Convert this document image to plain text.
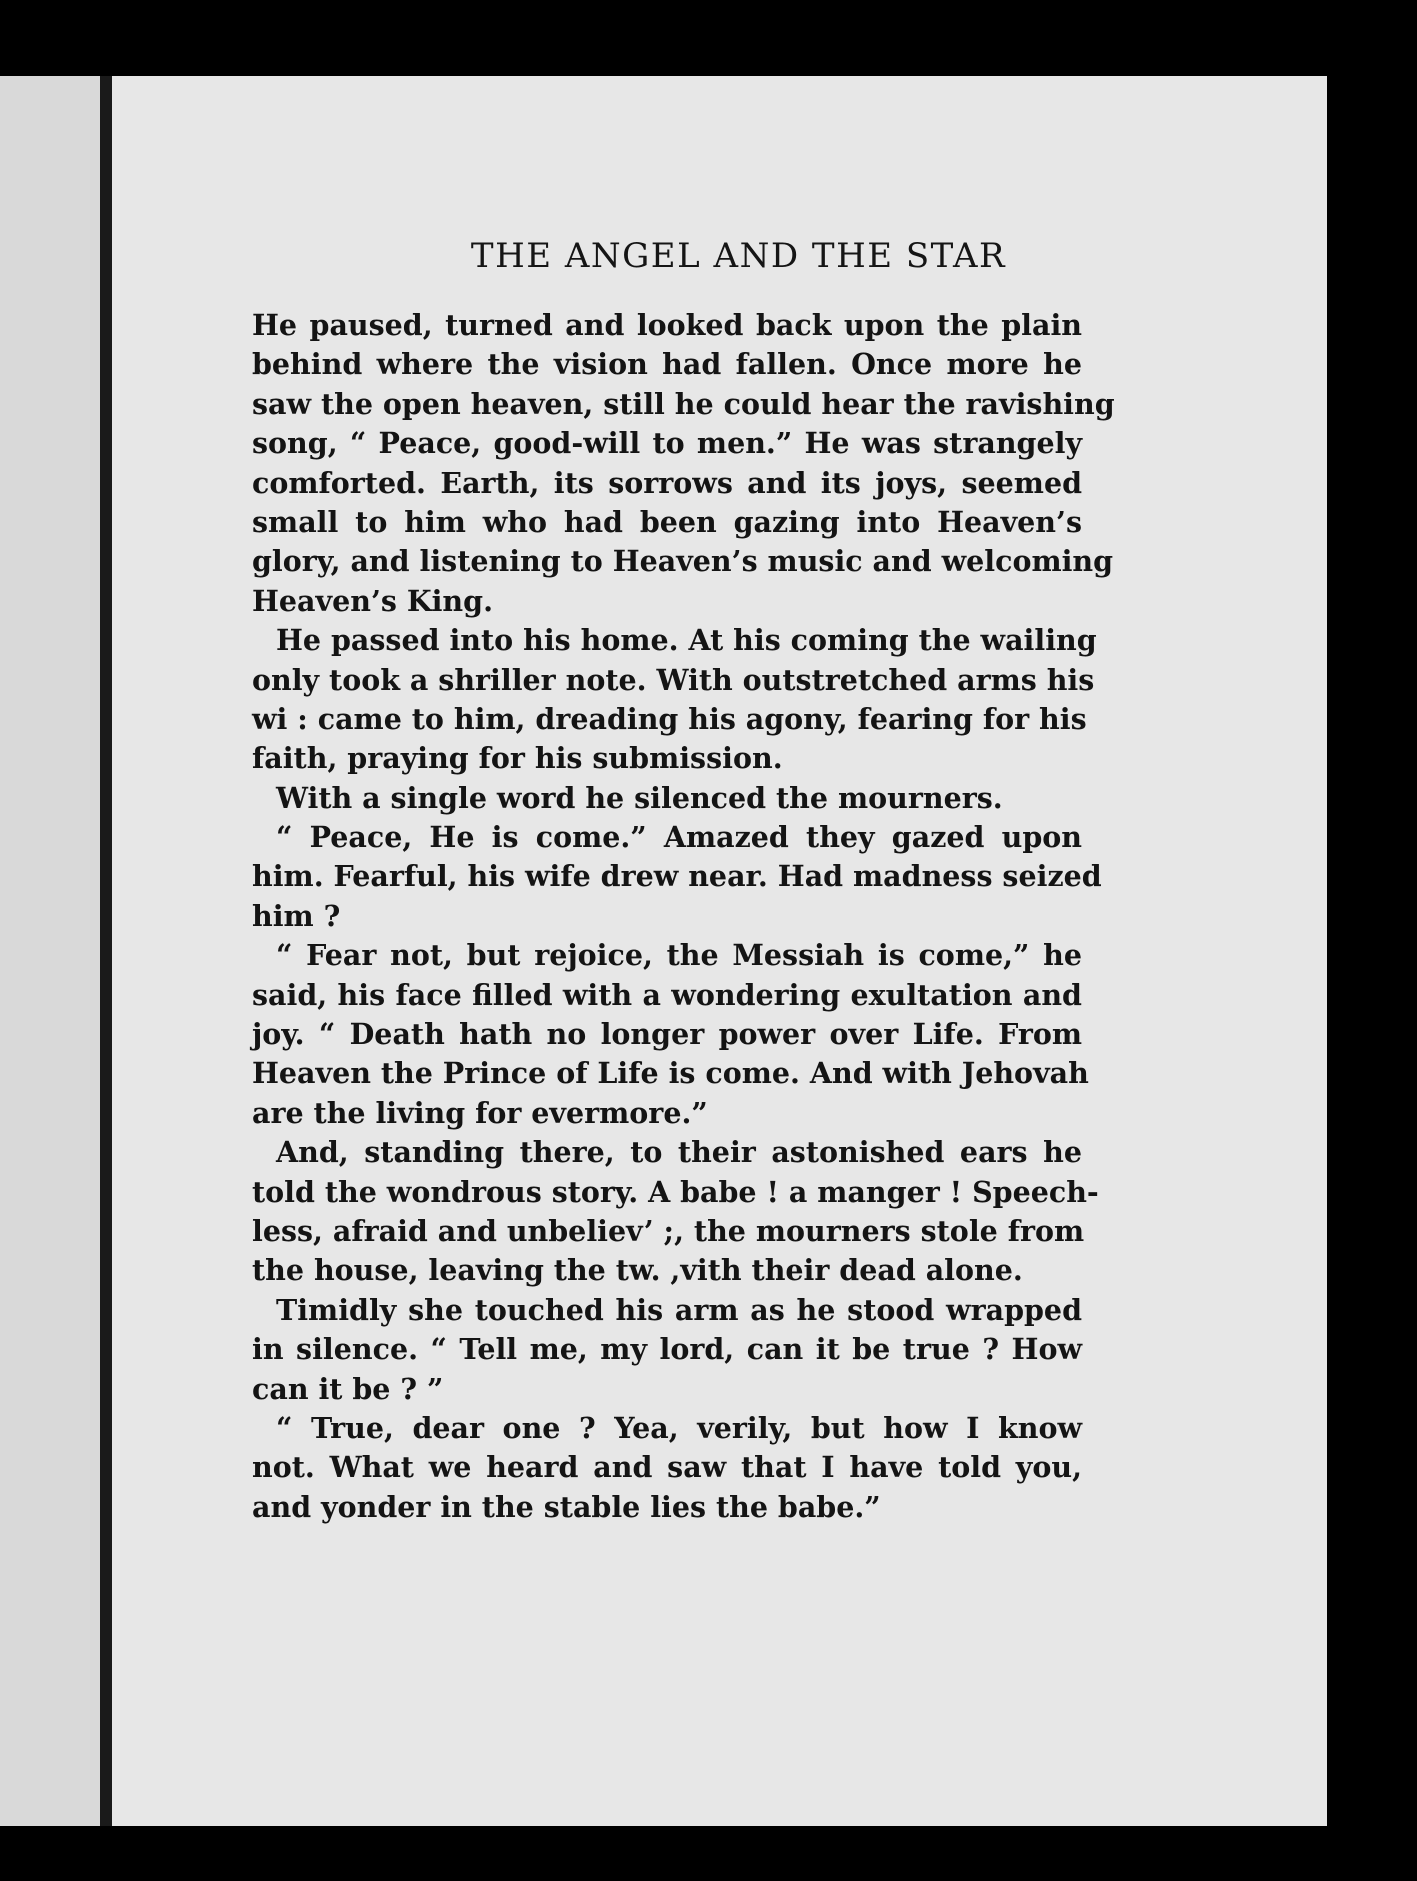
THE ANGEL AND THE STAR
He paused, turned and looked back upon the plain
behind where the vision had fallen. Once more he
saw the open heaven, still he could hear the ravishing
song, “ Peace, good-will to men.” He was strangely
comforted. Earth, its sorrows and its joys, seemed
small to him who had been gazing into Heaven’s
glory, and listening to Heaven’s music and welcoming
Heaven’s King.
He passed into his home. At his coming the wailing
only took a shriller note. With outstretched arms his
wi : came to him, dreading his agony, fearing for his
faith, praying for his submission.
With a single word he silenced the mourners.
“ Peace, He is come.” Amazed they gazed upon
him. Fearful, his wife drew near. Had madness seized
him ?
“ Fear not, but rejoice, the Messiah is come,” he
said, his face filled with a wondering exultation and
joy. “ Death hath no longer power over Life. From
Heaven the Prince of Life is come. And with Jehovah
are the living for evermore.”
And, standing there, to their astonished ears he
told the wondrous story. A babe ! a manger ! Speech-
less, afraid and unbeliev’ ;, the mourners stole from
the house, leaving the tw. ,vith their dead alone.
Timidly she touched his arm as he stood wrapped
in silence. “ Tell me, my lord, can it be true ? How
can it be ? ”
“ True, dear one ? Yea, verily, but how I know
not. What we heard and saw that I have told you,
and yonder in the stable lies the babe.”
